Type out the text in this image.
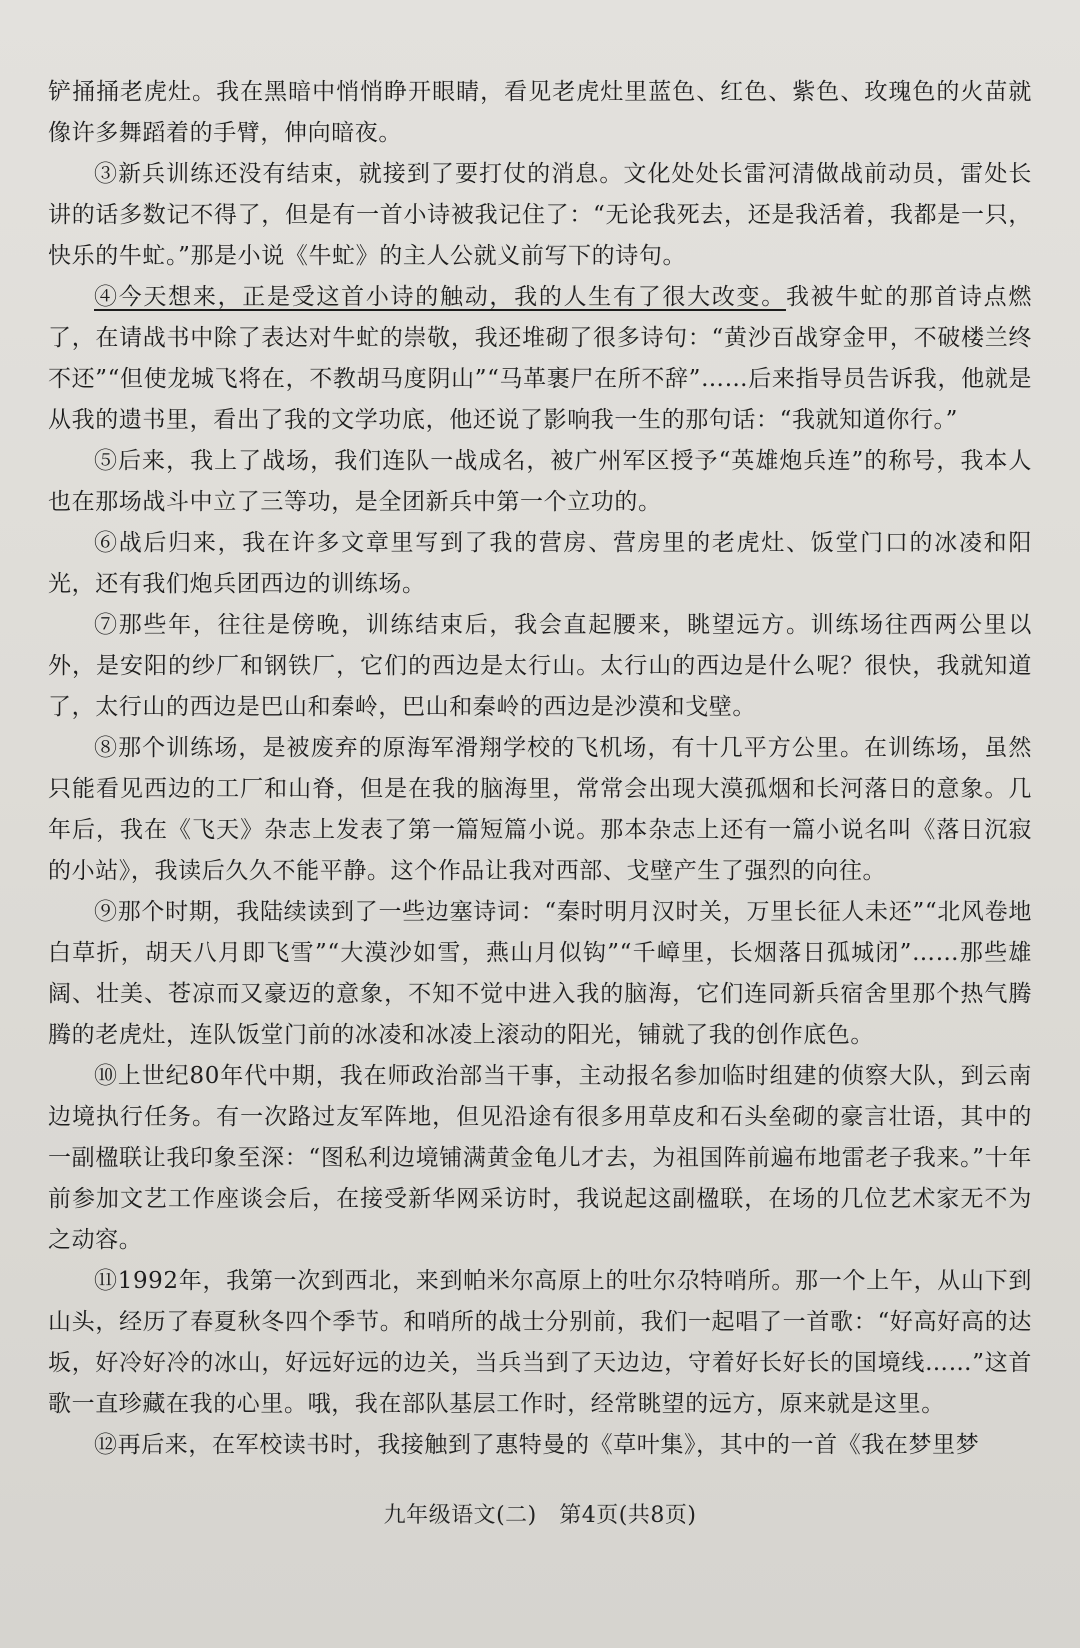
铲捅捅老虎灶。我在黑暗中悄悄睁开眼睛，看见老虎灶里蓝色、红色、紫色、玫瑰色的火苗就像许多舞蹈着的手臂，伸向暗夜。

③新兵训练还没有结束，就接到了要打仗的消息。文化处处长雷河清做战前动员，雷处长讲的话多数记不得了，但是有一首小诗被我记住了：“无论我死去，还是我活着，我都是一只，快乐的牛虻。”那是小说《牛虻》的主人公就义前写下的诗句。

④今天想来，正是受这首小诗的触动，我的人生有了很大改变。我被牛虻的那首诗点燃了，在请战书中除了表达对牛虻的崇敬，我还堆砌了很多诗句：“黄沙百战穿金甲，不破楼兰终不还”“但使龙城飞将在，不教胡马度阴山”“马革裹尸在所不辞”……后来指导员告诉我，他就是从我的遗书里，看出了我的文学功底，他还说了影响我一生的那句话：“我就知道你行。”

⑤后来，我上了战场，我们连队一战成名，被广州军区授予“英雄炮兵连”的称号，我本人也在那场战斗中立了三等功，是全团新兵中第一个立功的。

⑥战后归来，我在许多文章里写到了我的营房、营房里的老虎灶、饭堂门口的冰凌和阳光，还有我们炮兵团西边的训练场。

⑦那些年，往往是傍晚，训练结束后，我会直起腰来，眺望远方。训练场往西两公里以外，是安阳的纱厂和钢铁厂，它们的西边是太行山。太行山的西边是什么呢？很快，我就知道了，太行山的西边是巴山和秦岭，巴山和秦岭的西边是沙漠和戈壁。

⑧那个训练场，是被废弃的原海军滑翔学校的飞机场，有十几平方公里。在训练场，虽然只能看见西边的工厂和山脊，但是在我的脑海里，常常会出现大漠孤烟和长河落日的意象。几年后，我在《飞天》杂志上发表了第一篇短篇小说。那本杂志上还有一篇小说名叫《落日沉寂的小站》，我读后久久不能平静。这个作品让我对西部、戈壁产生了强烈的向往。

⑨那个时期，我陆续读到了一些边塞诗词：“秦时明月汉时关，万里长征人未还”“北风卷地白草折，胡天八月即飞雪”“大漠沙如雪，燕山月似钩”“千嶂里，长烟落日孤城闭”……那些雄阔、壮美、苍凉而又豪迈的意象，不知不觉中进入我的脑海，它们连同新兵宿舍里那个热气腾腾的老虎灶，连队饭堂门前的冰凌和冰凌上滚动的阳光，铺就了我的创作底色。

⑩上世纪80年代中期，我在师政治部当干事，主动报名参加临时组建的侦察大队，到云南边境执行任务。有一次路过友军阵地，但见沿途有很多用草皮和石头垒砌的豪言壮语，其中的一副楹联让我印象至深：“图私利边境铺满黄金龟儿才去，为祖国阵前遍布地雷老子我来。”十年前参加文艺工作座谈会后，在接受新华网采访时，我说起这副楹联，在场的几位艺术家无不为之动容。

⑪1992年，我第一次到西北，来到帕米尔高原上的吐尔尕特哨所。那一个上午，从山下到山头，经历了春夏秋冬四个季节。和哨所的战士分别前，我们一起唱了一首歌：“好高好高的达坂，好冷好冷的冰山，好远好远的边关，当兵当到了天边边，守着好长好长的国境线……”这首歌一直珍藏在我的心里。哦，我在部队基层工作时，经常眺望的远方，原来就是这里。

⑫再后来，在军校读书时，我接触到了惠特曼的《草叶集》，其中的一首《我在梦里梦

九年级语文(二)　第4页(共8页)
